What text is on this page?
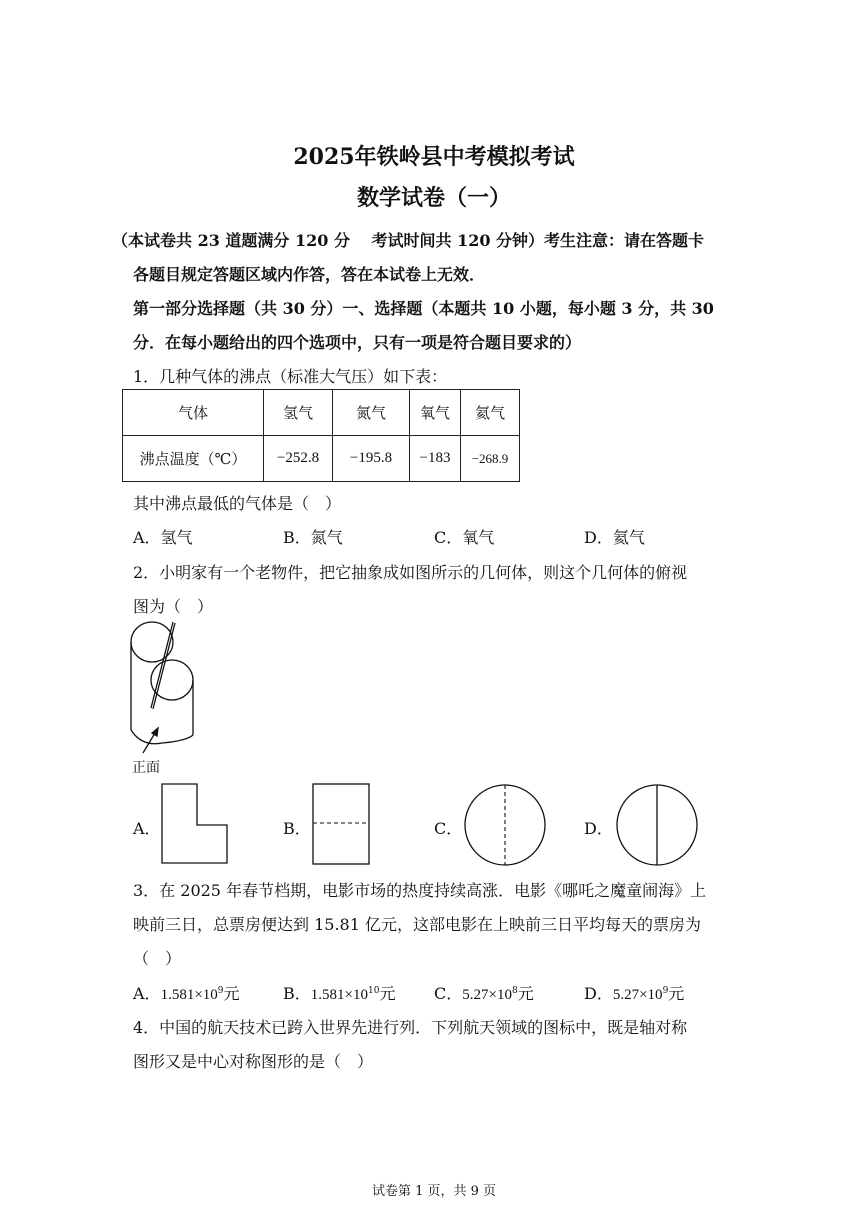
2025年铁岭县中考模拟考试
数学试卷（一）
（本试卷共 23 道题满分 120 分　 考试时间共 120 分钟）考生注意：请在答题卡
各题目规定答题区域内作答，答在本试卷上无效．
第一部分选择题（共 30 分）一、选择题（本题共 10 小题，每小题 3 分，共 30
分．在每小题给出的四个选项中，只有一项是符合题目要求的）
1．几种气体的沸点（标准大气压）如下表：
气体	氢气	氮气	氧气	氦气
沸点温度（℃）	−252.8	−195.8	−183	−268.9
其中沸点最低的气体是（　）
A．氢气	B．氮气	C．氧气	D．氦气
2．小明家有一个老物件，把它抽象成如图所示的几何体，则这个几何体的俯视
图为（　）
正面
A．	B．	C．	D．
3．在 2025 年春节档期，电影市场的热度持续高涨．电影《哪吒之魔童闹海》上
映前三日，总票房便达到 15.81 亿元，这部电影在上映前三日平均每天的票房为
（　）
A．$1.581\times 10^9$元	B．$1.581\times 10^{10}$元 C．$5.27\times 10^8$元	D．$5.27\times 10^9$元
4．中国的航天技术已跨入世界先进行列．下列航天领域的图标中，既是轴对称
图形又是中心对称图形的是（　）
试卷第 1 页，共 9 页
